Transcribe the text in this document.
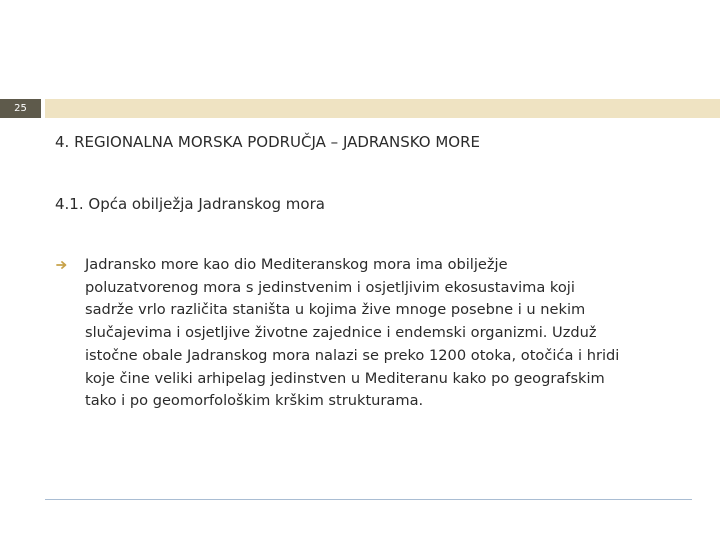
25
4. REGIONALNA MORSKA PODRUČJA – JADRANSKO MORE
4.1. Opća obilježja Jadranskog mora
Jadransko more kao dio Mediteranskog mora ima obilježje
poluzatvorenog mora s jedinstvenim i osjetljivim ekosustavima koji
sadrže vrlo različita staništa u kojima žive mnoge posebne i u nekim
slučajevima i osjetljive životne zajednice i endemski organizmi. Uzduž
istočne obale Jadranskog mora nalazi se preko 1200 otoka, otočića i hridi
koje čine veliki arhipelag jedinstven u Mediteranu kako po geografskim
tako i po geomorfološkim krškim strukturama.
